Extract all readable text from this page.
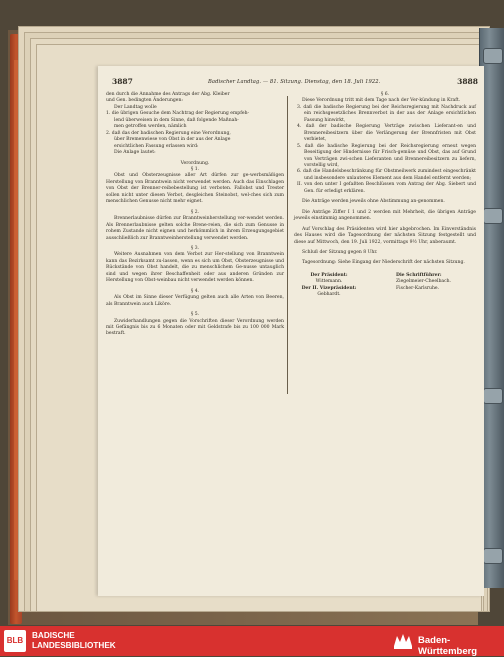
3887	Badischer Landtag. — 81. Sitzung. Dienstag, den 18. Juli 1922.	3888

den durch die Annahme des Antrags der Abg. Kleiber

und Gen. bedingten Änderungen:

Der Landtag wolle

1. die übrigen Gesuche dem Nachtrag der Regierung empfeh-

lend überweisen in dem Sinne, daß folgende Maßnah-

men getroffen werden, nämlich

2. daß das der badischen Regierung eine Verordnung,

über Bremenwiese von Obst in der aus der Anlage

ersichtlichen Fassung erlassen wird:

Die Anlage lautet:

Verordnung.

§ 1.

Obst und Obsterzeugnisse aller Art dürfen zur ge-werbsmäßigen Herstellung von Branntwein nicht verwendet werden. Auch das Einschlagen von Obst der Brenner-reibebestellung ist verboten. Fallobst und Trester sollen nicht unter diesen Verbot, desgleichen Steinobst, wel-ches sich zum menschlichen Genusse nicht mehr eignet.

§ 2.

Brennerlaubnisse dürfen zur Branntweinherstellung ver-wendet werden. Als Brennerlaubnisse gelten solche Brene-reien, die sich zum Genusse in rohem Zustande nicht eignen und herkömmlich in ihrem Erzeugungsgebiet ausschließlich zur Branntweinherstellung verwendet werden.

§ 3.

Weitere Ausnahmen von dem Verbot zur Her-stellung von Branntwein kann das Bezirksamt zu-lassen, wenn es sich um Obst, Obsterzeugnisse und Rückstände von Obst handelt, die zu menschlichem Ge-nusse untauglich sind und wegen ihrer Beschaffenheit oder aus anderen Gründen zur Herstellung von Obst-weinbau nicht verwendet werden können.

§ 4.

Als Obst im Sinne dieser Verfügung gelten auch alle Arten von Beeren, als Branntwein auch Liköre.

§ 5.

Zuwiderhandlungen gegen die Vorschriften dieser Verordnung werden mit Gefängnis bis zu 6 Monaten oder mit Geldstrafe bis zu 100 000 Mark bestraft.

§ 6.

Diese Verordnung tritt mit dem Tage nach der Ver-kündung in Kraft.

3. daß die badische Regierung bei der Reichsregierung mit Nachdruck auf ein reichsgesetzliches Brennverbot in der aus der Anlage ersichtlichen Fassung hinwirkt,

4. daß der badische Regierung Verträge zwischen Lieferant-en und Brennereibesitzern über die Verlängerung der Brennfristen mit Obst verbietet,

5. daß die badische Regierung bei der Reichsregierung erneut wegen Beseitigung der Hindernisse für Frisch-gemüse und Obst, das auf Grund von Verträgen zwi-schen Lieferanten und Brennereibesitzern zu liefern, vorstellig wird,

6. daß die Handelsbeschränkung für Obstmeilwerk zumindest eingeschränkt und insbesondere unlauteres Element aus dem Handel entfernt werden;

II. von den unter I gefaßten Beschlüssen vom Antrag der Abg. Siebert und Gen. für erledigt erklären.

Die Anträge werden jeweils ohne Abstimmung an-genommen.

Die Anträge Ziffer I 1 und 2 werden mit Mehrheit, die übrigen Anträge jeweils einstimmig angenommen.

Auf Vorschlag des Präsidenten wird hier abgebrochen. Im Einverständnis des Hauses wird die Tagesordnung der nächsten Sitzung festgestellt und diese auf Mittwoch, den 19. Juli 1922, vormittags 9½ Uhr, anberaumt.

Schluß der Sitzung gegen 8 Uhr.

Tagesordnung: Siehe Eingang der Niederschrift der nächsten Sitzung.

Der Präsident:

Wittemann.

Der II. Vizepräsident:

Gebhardt.

Die Schriftführer:

Ziegelmeier-Cheelbach.

Fischer-Karlsruhe.

BLB
BADISCHE
LANDESBIBLIOTHEK	Baden-Württemberg
